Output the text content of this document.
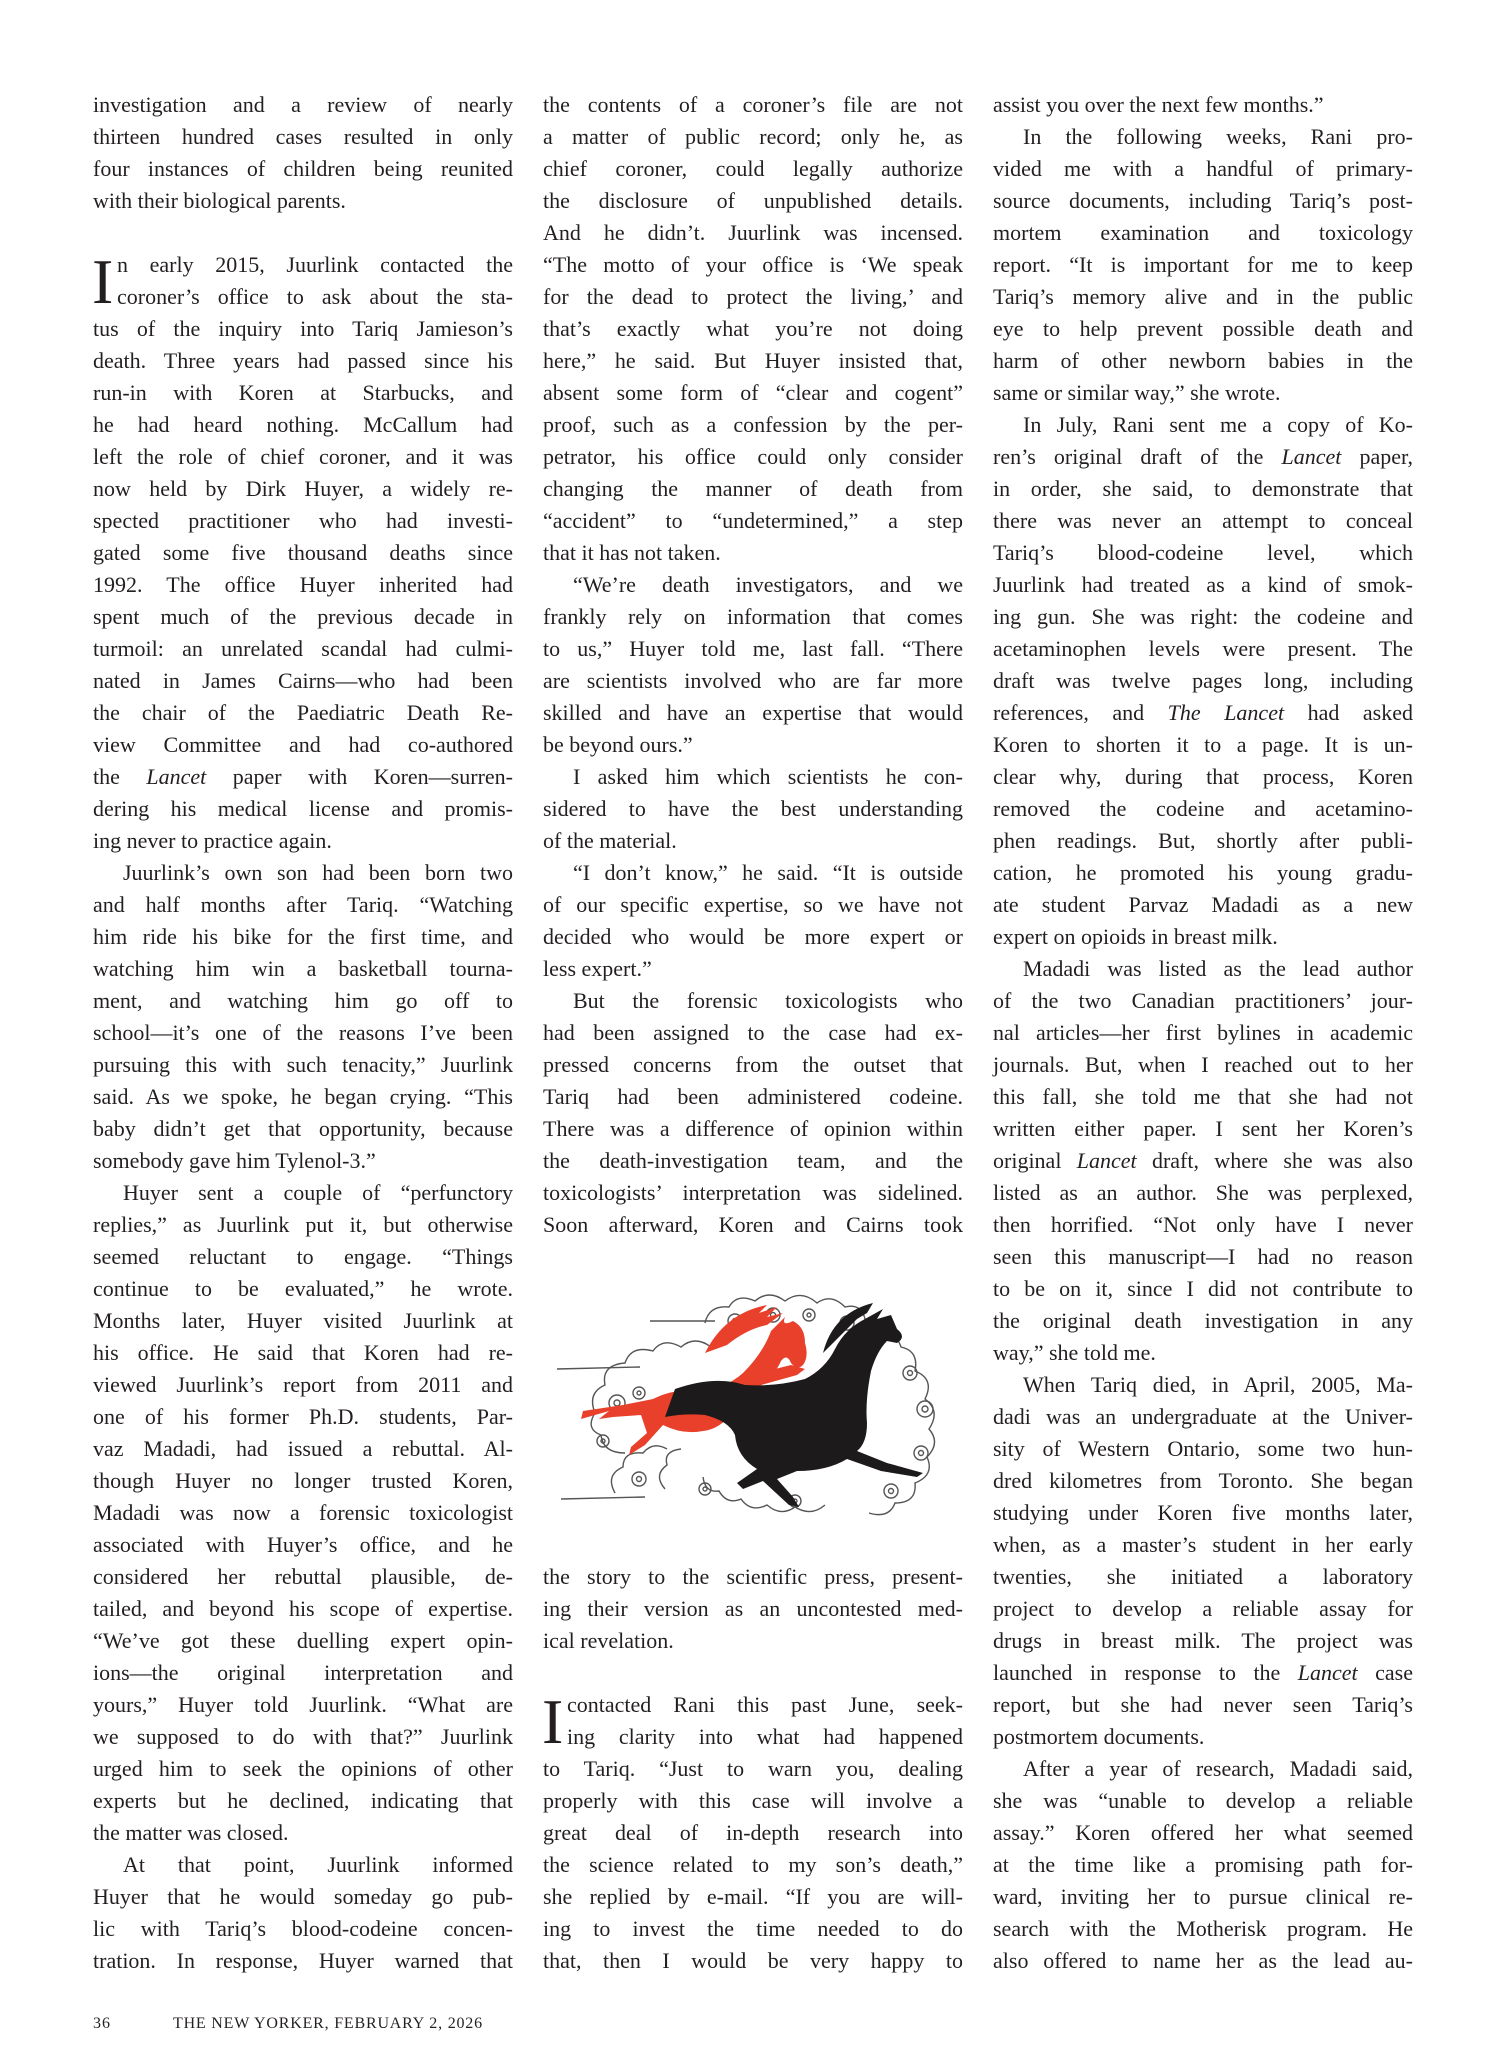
investigation and a review of nearly
thirteen hundred cases resulted in only
four instances of children being reunited
with their biological parents.
I n early 2015, Juurlink contacted the
coroner’s office to ask about the sta-
tus of the inquiry into Tariq Jamieson’s
death. Three years had passed since his
run-in with Koren at Starbucks, and
he had heard nothing. McCallum had
left the role of chief coroner, and it was
now held by Dirk Huyer, a widely re-
spected practitioner who had investi-
gated some five thousand deaths since
1992. The office Huyer inherited had
spent much of the previous decade in
turmoil: an unrelated scandal had culmi-
nated in James Cairns—who had been
the chair of the Paediatric Death Re-
view Committee and had co-authored
the Lancet paper with Koren—surren-
dering his medical license and promis-
ing never to practice again.
Juurlink’s own son had been born two
and half months after Tariq. “Watching
him ride his bike for the first time, and
watching him win a basketball tourna-
ment, and watching him go off to
school—it’s one of the reasons I’ve been
pursuing this with such tenacity,” Juurlink
said. As we spoke, he began crying. “This
baby didn’t get that opportunity, because
somebody gave him Tylenol-3.”
Huyer sent a couple of “perfunctory
replies,” as Juurlink put it, but otherwise
seemed reluctant to engage. “Things
continue to be evaluated,” he wrote.
Months later, Huyer visited Juurlink at
his office. He said that Koren had re-
viewed Juurlink’s report from 2011 and
one of his former Ph.D. students, Par-
vaz Madadi, had issued a rebuttal. Al-
though Huyer no longer trusted Koren,
Madadi was now a forensic toxicologist
associated with Huyer’s office, and he
considered her rebuttal plausible, de-
tailed, and beyond his scope of expertise.
“We’ve got these duelling expert opin-
ions—the original interpretation and
yours,” Huyer told Juurlink. “What are
we supposed to do with that?” Juurlink
urged him to seek the opinions of other
experts but he declined, indicating that
the matter was closed.
At that point, Juurlink informed
Huyer that he would someday go pub-
lic with Tariq’s blood-codeine concen-
tration. In response, Huyer warned that
the contents of a coroner’s file are not
a matter of public record; only he, as
chief coroner, could legally authorize
the disclosure of unpublished details.
And he didn’t. Juurlink was incensed.
“The motto of your office is ‘We speak
for the dead to protect the living,’ and
that’s exactly what you’re not doing
here,” he said. But Huyer insisted that,
absent some form of “clear and cogent”
proof, such as a confession by the per-
petrator, his office could only consider
changing the manner of death from
“accident” to “undetermined,” a step
that it has not taken.
“We’re death investigators, and we
frankly rely on information that comes
to us,” Huyer told me, last fall. “There
are scientists involved who are far more
skilled and have an expertise that would
be beyond ours.”
I asked him which scientists he con-
sidered to have the best understanding
of the material.
“I don’t know,” he said. “It is outside
of our specific expertise, so we have not
decided who would be more expert or
less expert.”
But the forensic toxicologists who
had been assigned to the case had ex-
pressed concerns from the outset that
Tariq had been administered codeine.
There was a difference of opinion within
the death-investigation team, and the
toxicologists’ interpretation was sidelined.
Soon afterward, Koren and Cairns took
the story to the scientific press, present-
ing their version as an uncontested med-
ical revelation.
I contacted Rani this past June, seek-
ing clarity into what had happened
to Tariq. “Just to warn you, dealing
properly with this case will involve a
great deal of in-depth research into
the science related to my son’s death,”
she replied by e-mail. “If you are will-
ing to invest the time needed to do
that, then I would be very happy to
assist you over the next few months.”
In the following weeks, Rani pro-
vided me with a handful of primary-
source documents, including Tariq’s post-
mortem examination and toxicology
report. “It is important for me to keep
Tariq’s memory alive and in the public
eye to help prevent possible death and
harm of other newborn babies in the
same or similar way,” she wrote.
In July, Rani sent me a copy of Ko-
ren’s original draft of the Lancet paper,
in order, she said, to demonstrate that
there was never an attempt to conceal
Tariq’s blood-codeine level, which
Juurlink had treated as a kind of smok-
ing gun. She was right: the codeine and
acetaminophen levels were present. The
draft was twelve pages long, including
references, and The Lancet had asked
Koren to shorten it to a page. It is un-
clear why, during that process, Koren
removed the codeine and acetamino-
phen readings. But, shortly after publi-
cation, he promoted his young gradu-
ate student Parvaz Madadi as a new
expert on opioids in breast milk.
Madadi was listed as the lead author
of the two Canadian practitioners’ jour-
nal articles—her first bylines in academic
journals. But, when I reached out to her
this fall, she told me that she had not
written either paper. I sent her Koren’s
original Lancet draft, where she was also
listed as an author. She was perplexed,
then horrified. “Not only have I never
seen this manuscript—I had no reason
to be on it, since I did not contribute to
the original death investigation in any
way,” she told me.
When Tariq died, in April, 2005, Ma-
dadi was an undergraduate at the Univer-
sity of Western Ontario, some two hun-
dred kilometres from Toronto. She began
studying under Koren five months later,
when, as a master’s student in her early
twenties, she initiated a laboratory
project to develop a reliable assay for
drugs in breast milk. The project was
launched in response to the Lancet case
report, but she had never seen Tariq’s
postmortem documents.
After a year of research, Madadi said,
she was “unable to develop a reliable
assay.” Koren offered her what seemed
at the time like a promising path for-
ward, inviting her to pursue clinical re-
search with the Motherisk program. He
also offered to name her as the lead au-
36	THE NEW YORKER, FEBRUARY 2, 2026
